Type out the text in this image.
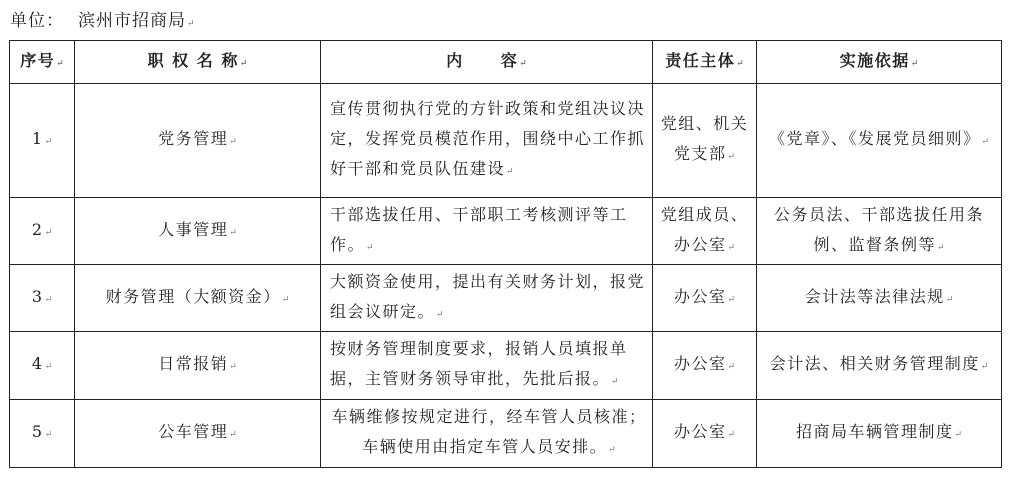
单位： 滨州市招商局↵
序号↵	职 权 名 称↵	内 容↵	责任主体↵	实施依据↵
1↵	党务管理↵	宣传贯彻执行党的方针政策和党组决议决定，发挥党员模范作用，围绕中心工作抓好干部和党员队伍建设↵	党组、机关党支部↵	《党章》、《发展党员细则》↵
2↵	人事管理↵	干部选拔任用、干部职工考核测评等工作。↵	党组成员、办公室↵	公务员法、干部选拔任用条例、监督条例等↵
3↵	财务管理（大额资金）↵	大额资金使用，提出有关财务计划，报党组会议研定。↵	办公室↵	会计法等法律法规↵
4↵	日常报销↵	按财务管理制度要求，报销人员填报单据，主管财务领导审批，先批后报。↵	办公室↵	会计法、相关财务管理制度↵
5↵	公车管理↵	车辆维修按规定进行，经车管人员核准；车辆使用由指定车管人员安排。↵	办公室↵	招商局车辆管理制度↵
